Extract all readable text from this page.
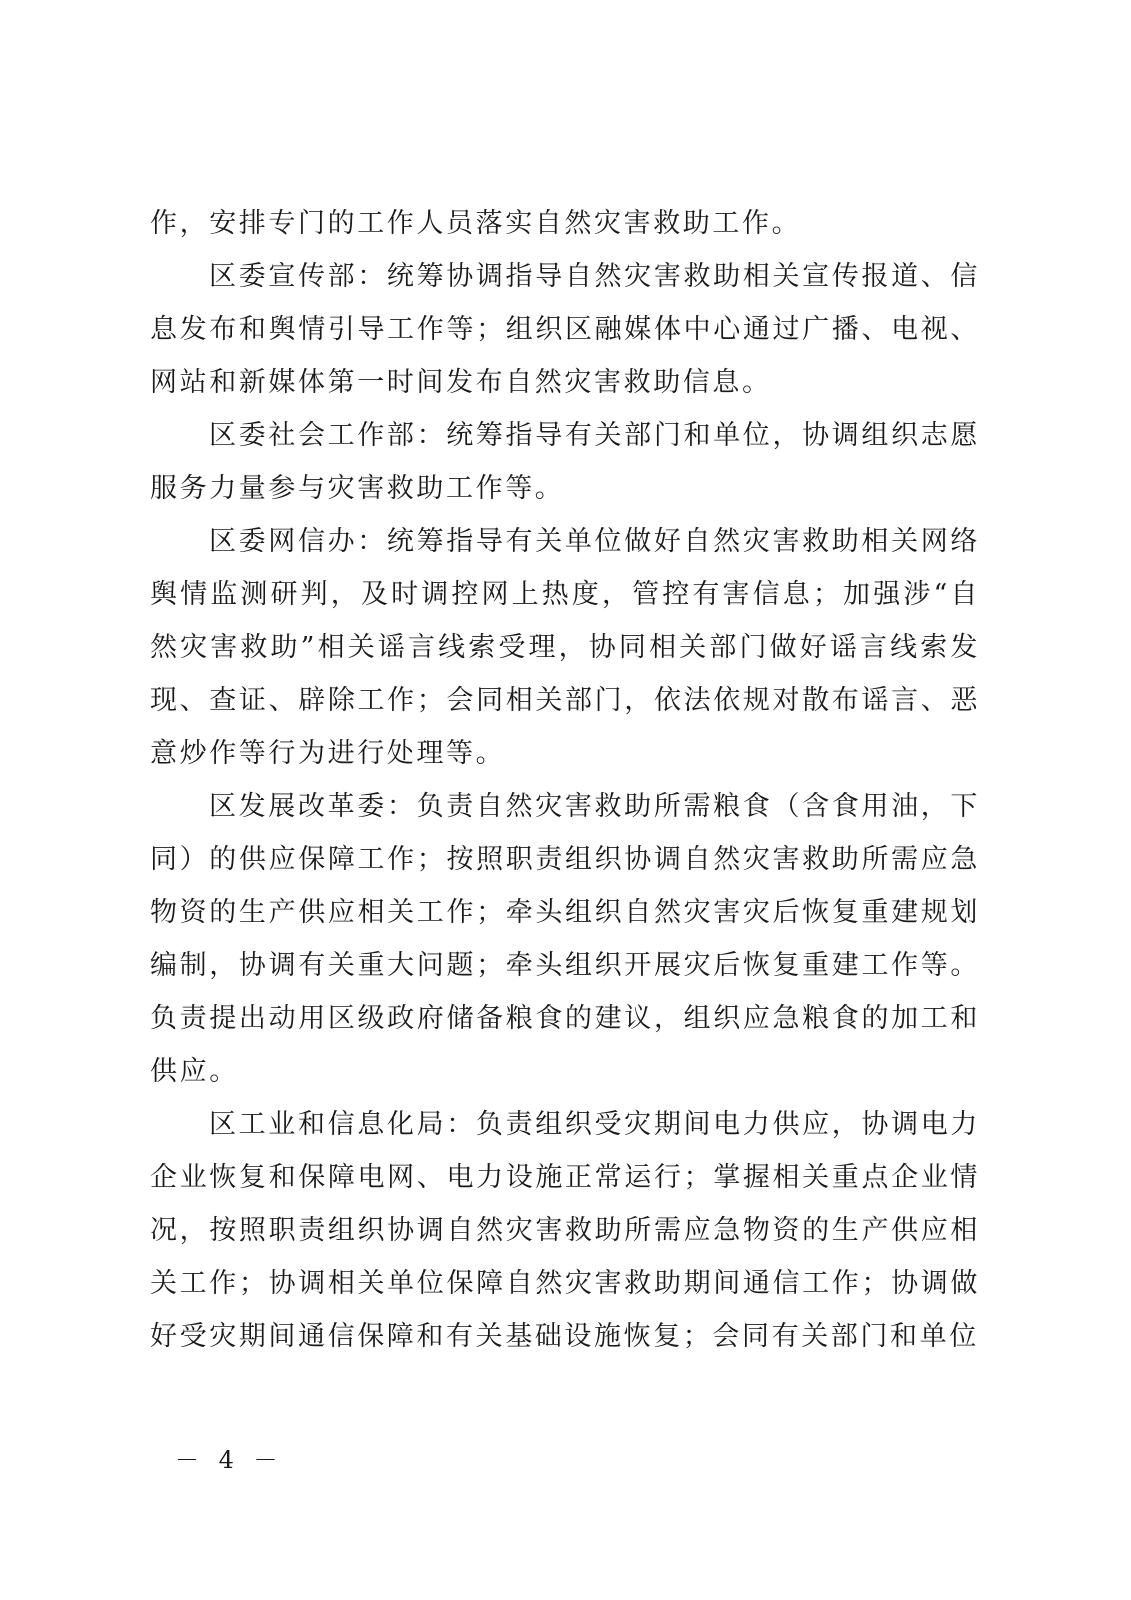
作，安排专门的工作人员落实自然灾害救助工作。

区委宣传部：统筹协调指导自然灾害救助相关宣传报道、信息发布和舆情引导工作等；组织区融媒体中心通过广播、电视、网站和新媒体第一时间发布自然灾害救助信息。

区委社会工作部：统筹指导有关部门和单位，协调组织志愿服务力量参与灾害救助工作等。

区委网信办：统筹指导有关单位做好自然灾害救助相关网络舆情监测研判，及时调控网上热度，管控有害信息；加强涉“自然灾害救助”相关谣言线索受理，协同相关部门做好谣言线索发现、查证、辟除工作；会同相关部门，依法依规对散布谣言、恶意炒作等行为进行处理等。

区发展改革委：负责自然灾害救助所需粮食（含食用油，下同）的供应保障工作；按照职责组织协调自然灾害救助所需应急物资的生产供应相关工作；牵头组织自然灾害灾后恢复重建规划编制，协调有关重大问题；牵头组织开展灾后恢复重建工作等。负责提出动用区级政府储备粮食的建议，组织应急粮食的加工和供应。

区工业和信息化局：负责组织受灾期间电力供应，协调电力企业恢复和保障电网、电力设施正常运行；掌握相关重点企业情况，按照职责组织协调自然灾害救助所需应急物资的生产供应相关工作；协调相关单位保障自然灾害救助期间通信工作；协调做好受灾期间通信保障和有关基础设施恢复；会同有关部门和单位

－ 4 －
